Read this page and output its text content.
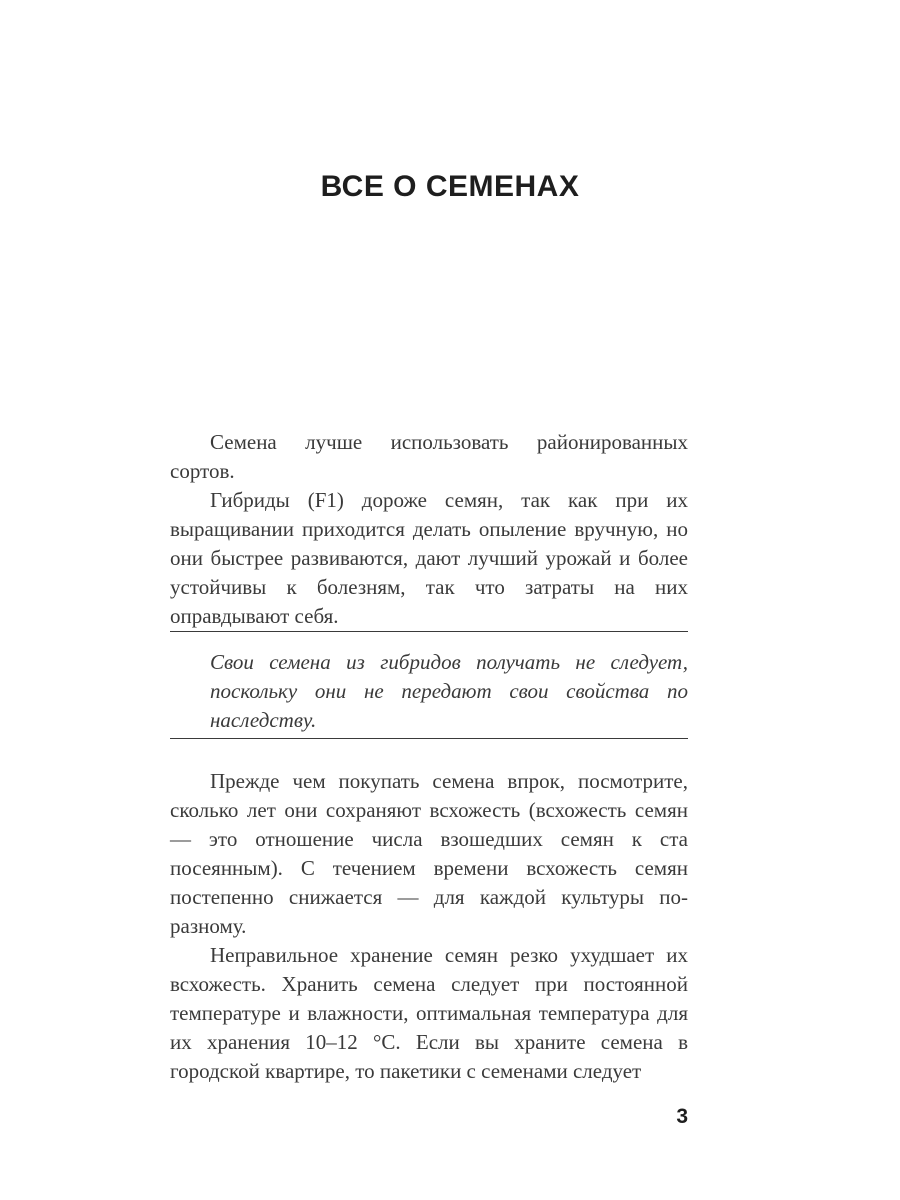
ВСЕ О СЕМЕНАХ

Семена лучше использовать районированных сортов.

Гибриды (F1) дороже семян, так как при их выращивании приходится делать опыление вручную, но они быстрее развиваются, дают лучший урожай и более устойчивы к болезням, так что затраты на них оправдывают себя.

Свои семена из гибридов получать не следует, поскольку они не передают свои свойства по наследству.

Прежде чем покупать семена впрок, посмотрите, сколько лет они сохраняют всхожесть (всхожесть семян — это отношение числа взошедших семян к ста посеянным). С течением времени всхожесть семян постепенно снижается — для каждой культуры по-разному.

Неправильное хранение семян резко ухудшает их всхожесть. Хранить семена следует при постоянной температуре и влажности, оптимальная температура для их хранения 10–12 °С. Если вы храните семена в городской квартире, то пакетики с семенами следует

3
